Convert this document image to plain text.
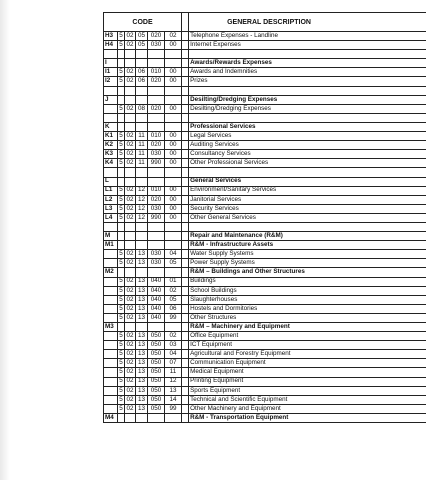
CODE							GENERAL DESCRIPTION
H3	5	02	05	020	02		Telephone Expenses - Landline
H4	5	02	05	030	00		Internet Expenses

I							Awards/Rewards Expenses
I1	5	02	06	010	00		Awards and Indemnities
I2	5	02	06	020	00		Prizes

J							Desilting/Dredging Expenses
	5	02	08	020	00		Desilting/Dredging Expenses

K							Professional Services
K1	5	02	11	010	00		Legal Services
K2	5	02	11	020	00		Auditing Services
K3	5	02	11	030	00		Consultancy Services
K4	5	02	11	990	00		Other Professional Services

L							General Services
L1	5	02	12	010	00		Environment/Sanitary Services
L2	5	02	12	020	00		Janitorial Services
L3	5	02	12	030	00		Security Services
L4	5	02	12	990	00		Other General Services

M							Repair and Maintenance (R&M)
M1							R&M - Infrastructure Assets
	5	02	13	030	04		Water Supply Systems
	5	02	13	030	05		Power Supply Systems
M2							R&M – Buildings and Other Structures
	5	02	13	040	01		Buildings
	5	02	13	040	02		School Buildings
	5	02	13	040	05		Slaughterhouses
	5	02	13	040	06		Hostels and Dormitories
	5	02	13	040	99		Other Structures
M3							R&M – Machinery and Equipment
	5	02	13	050	02		Office Equipment
	5	02	13	050	03		ICT Equipment
	5	02	13	050	04		Agricultural and Forestry Equipment
	5	02	13	050	07		Communication Equipment
	5	02	13	050	11		Medical Equipment
	5	02	13	050	12		Printing Equipment
	5	02	13	050	13		Sports Equipment
	5	02	13	050	14		Technical and Scientific Equipment
	5	02	13	050	99		Other Machinery and Equipment
M4							R&M - Transportation Equipment
